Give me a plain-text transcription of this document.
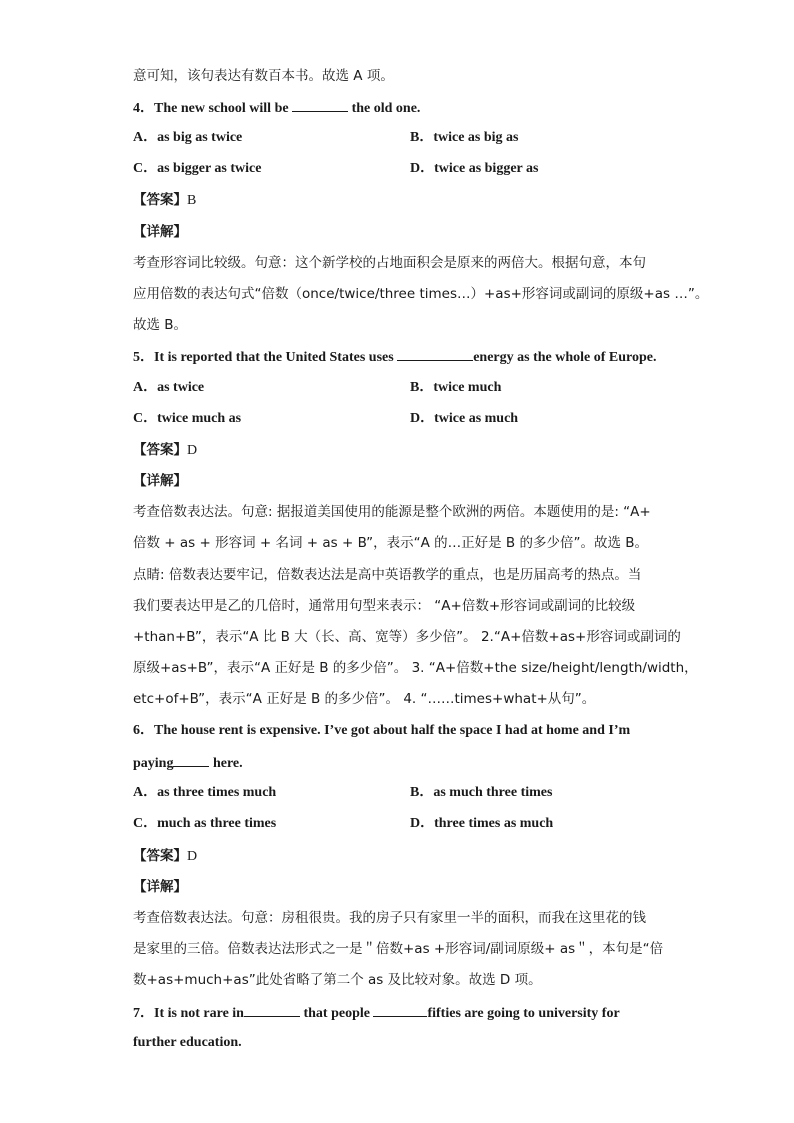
意可知，该句表达有数百本书。故选 A 项。
4．The new school will be	the old one.
A．as big as twice	B．twice as big as
C．as bigger as twice	D．twice as bigger as
【答案】B
【详解】
考查形容词比较级。句意：这个新学校的占地面积会是原来的两倍大。根据句意，本句
应用倍数的表达句式“倍数（once/twice/three times…）+as+形容词或副词的原级+as …”。
故选 B。
5．It is reported that the United States uses	energy as the whole of Europe.
A．as twice	B．twice much
C．twice much as	D．twice as much
【答案】D
【详解】
考查倍数表达法。句意: 据报道美国使用的能源是整个欧洲的两倍。本题使用的是: “A+
倍数 + as + 形容词 + 名词 + as + B”，表示“A 的…正好是 B 的多少倍”。故选 B。
点睛: 倍数表达要牢记，倍数表达法是高中英语教学的重点，也是历届高考的热点。当
我们要表达甲是乙的几倍时，通常用句型来表示： “A+倍数+形容词或副词的比较级
+than+B”，表示“A 比 B 大（长、高、宽等）多少倍”。 2.“A+倍数+as+形容词或副词的
原级+as+B”，表示“A 正好是 B 的多少倍”。 3. “A+倍数+the size/height/length/width，
etc+of+B”，表示“A 正好是 B 的多少倍”。 4. “……times+what+从句”。
6．The house rent is expensive. I’ve got about half the space I had at home and I’m
paying	here.
A．as three times much	B．as much three times
C．much as three times	D．three times as much
【答案】D
【详解】
考查倍数表达法。句意：房租很贵。我的房子只有家里一半的面积，而我在这里花的钱
是家里的三倍。倍数表达法形式之一是＂倍数+as +形容词/副词原级+ as＂，本句是“倍
数+as+much+as”此处省略了第二个 as 及比较对象。故选 D 项。
7．It is not rare in	that people	fifties are going to university for
further education.
